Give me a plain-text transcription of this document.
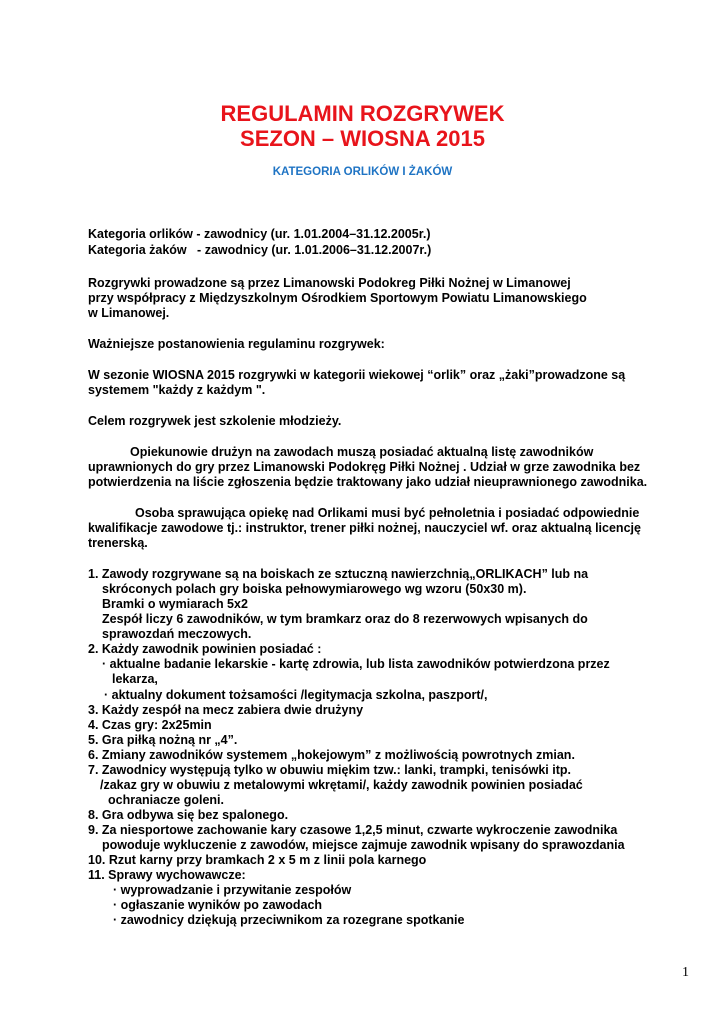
REGULAMIN ROZGRYWEK
SEZON – WIOSNA 2015
KATEGORIA ORLIKÓW I ŻAKÓW
Kategoria orlików - zawodnicy (ur. 1.01.2004–31.12.2005r.)
Kategoria żaków   - zawodnicy (ur. 1.01.2006–31.12.2007r.)
Rozgrywki prowadzone są przez Limanowski Podokreg Piłki Nożnej w Limanowej
przy współpracy z Międzyszkolnym Ośrodkiem Sportowym Powiatu Limanowskiego
w Limanowej.
Ważniejsze postanowienia regulaminu rozgrywek:
W sezonie WIOSNA 2015 rozgrywki w kategorii wiekowej “orlik” oraz „żaki”prowadzone są
systemem "każdy z każdym ".
Celem rozgrywek jest szkolenie młodzieży.
Opiekunowie drużyn na zawodach muszą posiadać aktualną listę zawodników
uprawnionych do gry przez Limanowski Podokręg Piłki Nożnej . Udział w grze zawodnika bez
potwierdzenia na liście zgłoszenia będzie traktowany jako udział nieuprawnionego zawodnika.
Osoba sprawująca opiekę nad Orlikami musi być pełnoletnia i posiadać odpowiednie
kwalifikacje zawodowe tj.: instruktor, trener piłki nożnej, nauczyciel wf. oraz aktualną licencję
trenerską.
1. Zawody rozgrywane są na boiskach ze sztuczną nawierzchnią„ORLIKACH” lub na
skróconych polach gry boiska pełnowymiarowego wg wzoru (50x30 m).
Bramki o wymiarach 5x2
Zespół liczy 6 zawodników, w tym bramkarz oraz do 8 rezerwowych wpisanych do
sprawozdań meczowych.
2. Każdy zawodnik powinien posiadać :
· aktualne badanie lekarskie - kartę zdrowia, lub lista zawodników potwierdzona przez
lekarza,
· aktualny dokument tożsamości /legitymacja szkolna, paszport/,
3. Każdy zespół na mecz zabiera dwie drużyny
4. Czas gry: 2x25min
5. Gra piłką nożną nr „4”.
6. Zmiany zawodników systemem „hokejowym” z możliwością powrotnych zmian.
7. Zawodnicy występują tylko w obuwiu miękim tzw.: lanki, trampki, tenisówki itp.
/zakaz gry w obuwiu z metalowymi wkrętami/, każdy zawodnik powinien posiadać
ochraniacze goleni.
8. Gra odbywa się bez spalonego.
9. Za niesportowe zachowanie kary czasowe 1,2,5 minut, czwarte wykroczenie zawodnika
powoduje wykluczenie z zawodów, miejsce zajmuje zawodnik wpisany do sprawozdania
10. Rzut karny przy bramkach 2 x 5 m z linii pola karnego
11. Sprawy wychowawcze:
· wyprowadzanie i przywitanie zespołów
· ogłaszanie wyników po zawodach
· zawodnicy dziękują przeciwnikom za rozegrane spotkanie
1
